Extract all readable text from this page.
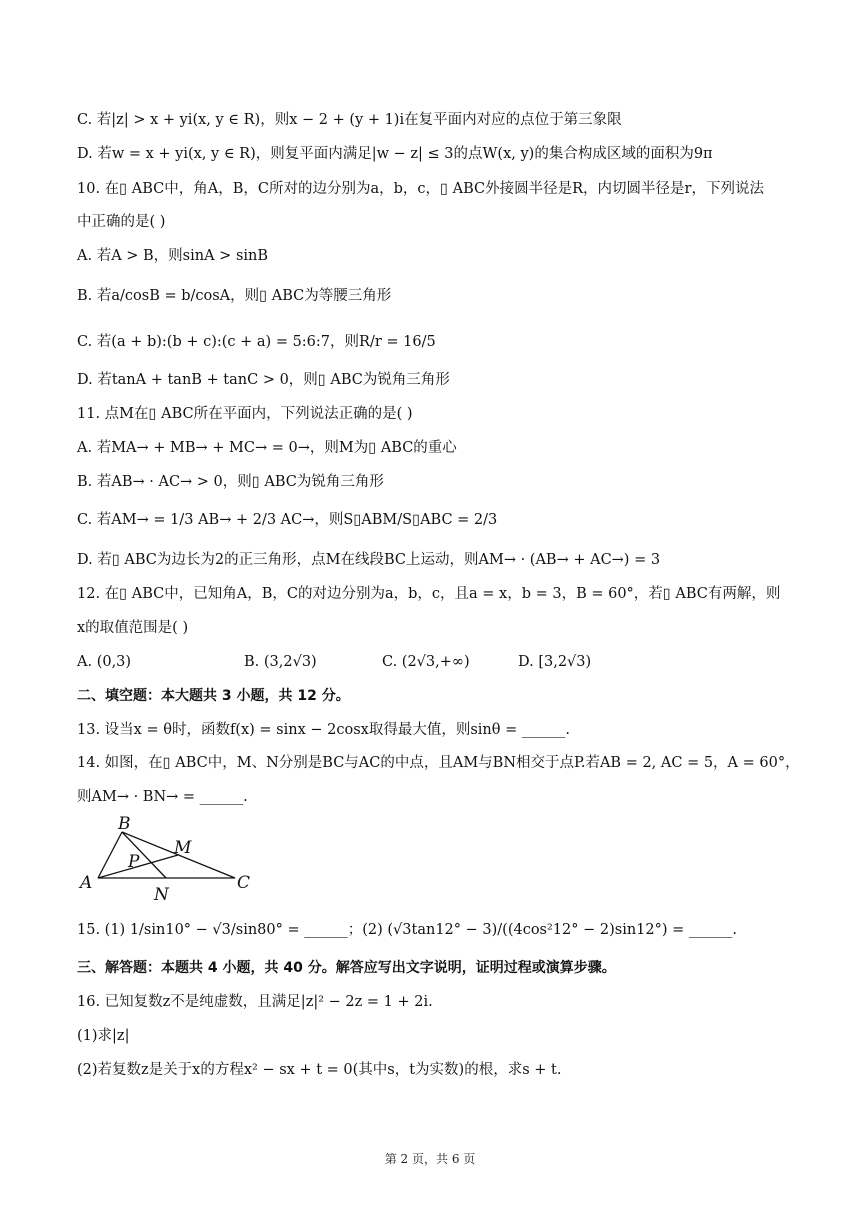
C. 若|z| > x + yi(x, y ∈ R)，则x − 2 + (y + 1)i在复平面内对应的点位于第三象限
D. 若w = x + yi(x, y ∈ R)，则复平面内满足|w − z| ≤ 3的点W(x, y)的集合构成区域的面积为9π
10. 在▯ ABC中，角A，B，C所对的边分别为a，b，c，▯ ABC外接圆半径是R，内切圆半径是r，下列说法
中正确的是( )
A. 若A > B，则sinA > sinB
B. 若a/cosB = b/cosA，则▯ ABC为等腰三角形
C. 若(a + b):(b + c):(c + a) = 5:6:7，则R/r = 16/5
D. 若tanA + tanB + tanC > 0，则▯ ABC为锐角三角形
11. 点M在▯ ABC所在平面内，下列说法正确的是( )
A. 若MA→ + MB→ + MC→ = 0→，则M为▯ ABC的重心
B. 若AB→ · AC→ > 0，则▯ ABC为锐角三角形
C. 若AM→ = 1/3 AB→ + 2/3 AC→，则S▯ABM/S▯ABC = 2/3
D. 若▯ ABC为边长为2的正三角形，点M在线段BC上运动，则AM→ · (AB→ + AC→) = 3
12. 在▯ ABC中，已知角A，B，C的对边分别为a，b，c，且a = x，b = 3，B = 60°，若▯ ABC有两解，则
x的取值范围是( )
A. (0,3)	B. (3,2√3)	C. (2√3,+∞)	D. [3,2√3)
二、填空题：本大题共 3 小题，共 12 分。
13. 设当x = θ时，函数f(x) = sinx − 2cosx取得最大值，则sinθ = ______.
14. 如图，在▯ ABC中，M、N分别是BC与AC的中点，且AM与BN相交于点P.若AB = 2, AC = 5，A = 60°，
则AM→ · BN→ = ______.
B
M
P
A
N
C
15. (1) 1/sin10° − √3/sin80° = ______；(2) (√3tan12° − 3)/((4cos²12° − 2)sin12°) = ______.
三、解答题：本题共 4 小题，共 40 分。解答应写出文字说明，证明过程或演算步骤。
16. 已知复数z不是纯虚数，且满足|z|² − 2z = 1 + 2i.
(1)求|z|
(2)若复数z是关于x的方程x² − sx + t = 0(其中s，t为实数)的根，求s + t.
第 2 页，共 6 页
